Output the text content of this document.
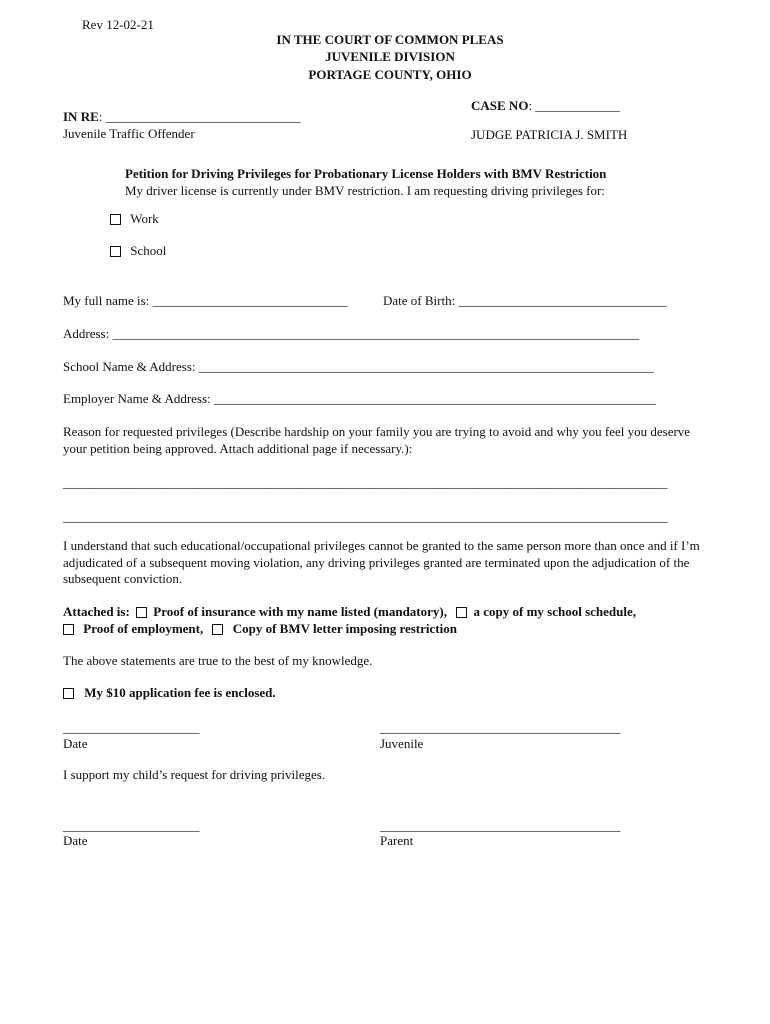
Rev 12-02-21
IN THE COURT OF COMMON PLEAS
JUVENILE DIVISION
PORTAGE COUNTY, OHIO
IN RE: ______________________________
Juvenile Traffic Offender
CASE NO: _____________
JUDGE PATRICIA J. SMITH
Petition for Driving Privileges for Probationary License Holders with BMV Restriction
My driver license is currently under BMV restriction. I am requesting driving privileges for:
Work
School
My full name is: ______________________________	Date of Birth: ________________________________
Address: _________________________________________________________________________________
School Name & Address: ______________________________________________________________________
Employer Name & Address: ____________________________________________________________________
Reason for requested privileges (Describe hardship on your family you are trying to avoid and why you feel you deserve your petition being approved. Attach additional page if necessary.):
_____________________________________________________________________________________________
_____________________________________________________________________________________________
I understand that such educational/occupational privileges cannot be granted to the same person more than once and if I’m adjudicated of a subsequent moving violation, any driving privileges granted are terminated upon the adjudication of the subsequent conviction.
Attached is: Proof of insurance with my name listed (mandatory), a copy of my school schedule,
Proof of employment, Copy of BMV letter imposing restriction
The above statements are true to the best of my knowledge.
My $10 application fee is enclosed.
_____________________
Date
_____________________________________
Juvenile
I support my child’s request for driving privileges.
_____________________
Date
_____________________________________
Parent
